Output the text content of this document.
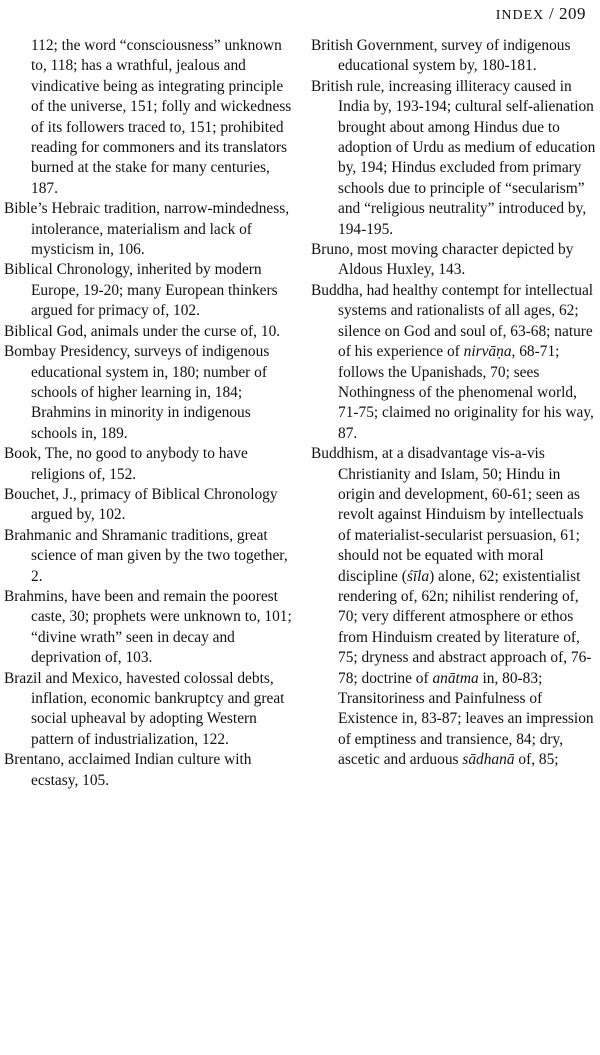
INDEX / 209

112; the word “consciousness” unknown to, 118; has a wrathful, jealous and vindicative being as integrating principle of the universe, 151; folly and wickedness of its followers traced to, 151; prohibited reading for commoners and its translators burned at the stake for many centuries, 187.

Bible’s Hebraic tradition, narrow-mindedness, intolerance, materialism and lack of mysticism in, 106.

Biblical Chronology, inherited by modern Europe, 19-20; many European thinkers argued for primacy of, 102.

Biblical God, animals under the curse of, 10.

Bombay Presidency, surveys of indigenous educational system in, 180; number of schools of higher learning in, 184; Brahmins in minority in indigenous schools in, 189.

Book, The, no good to anybody to have religions of, 152.

Bouchet, J., primacy of Biblical Chronology argued by, 102.

Brahmanic and Shramanic traditions, great science of man given by the two together, 2.

Brahmins, have been and remain the poorest caste, 30; prophets were unknown to, 101; “divine wrath” seen in decay and deprivation of, 103.

Brazil and Mexico, havested colossal debts, inflation, economic bankruptcy and great social upheaval by adopting Western pattern of industrialization, 122.

Brentano, acclaimed Indian culture with ecstasy, 105.

British Government, survey of indigenous educational system by, 180-181.

British rule, increasing illiteracy caused in India by, 193-194; cultural self-alienation brought about among Hindus due to adoption of Urdu as medium of education by, 194; Hindus excluded from primary schools due to principle of “secularism” and “religious neutrality” introduced by, 194-195.

Bruno, most moving character depicted by Aldous Huxley, 143.

Buddha, had healthy contempt for intellectual systems and rationalists of all ages, 62; silence on God and soul of, 63-68; nature of his experience of nirvāṇa, 68-71; follows the Upanishads, 70; sees Nothingness of the phenomenal world, 71-75; claimed no originality for his way, 87.

Buddhism, at a disadvantage vis-a-vis Christianity and Islam, 50; Hindu in origin and development, 60-61; seen as revolt against Hinduism by intellectuals of materialist-secularist persuasion, 61; should not be equated with moral discipline (śīla) alone, 62; existentialist rendering of, 62n; nihilist rendering of, 70; very different atmosphere or ethos from Hinduism created by literature of, 75; dryness and abstract approach of, 76-78; doctrine of anātma in, 80-83; Transitoriness and Painfulness of Existence in, 83-87; leaves an impression of emptiness and transience, 84; dry, ascetic and arduous sādhanā of, 85;
